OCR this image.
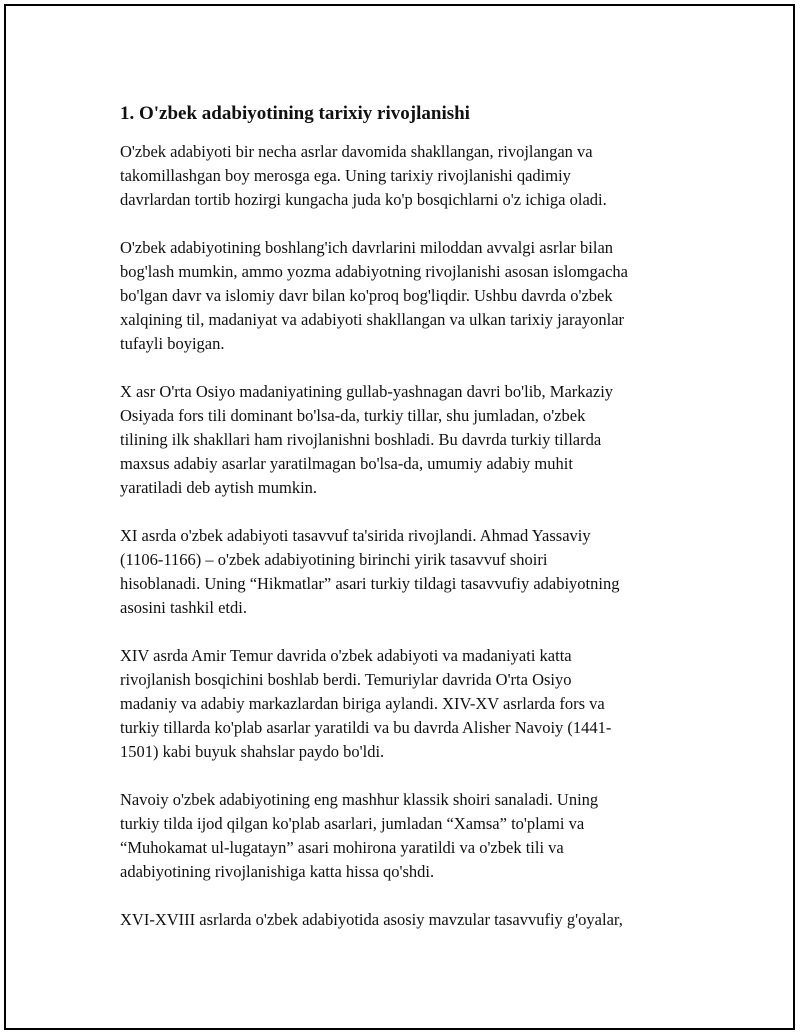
1. O'zbek adabiyotining tarixiy rivojlanishi

O'zbek adabiyoti bir necha asrlar davomida shakllangan, rivojlangan va
takomillashgan boy merosga ega. Uning tarixiy rivojlanishi qadimiy
davrlardan tortib hozirgi kungacha juda ko'p bosqichlarni o'z ichiga oladi.

O'zbek adabiyotining boshlang'ich davrlarini miloddan avvalgi asrlar bilan
bog'lash mumkin, ammo yozma adabiyotning rivojlanishi asosan islomgacha
bo'lgan davr va islomiy davr bilan ko'proq bog'liqdir. Ushbu davrda o'zbek
xalqining til, madaniyat va adabiyoti shakllangan va ulkan tarixiy jarayonlar
tufayli boyigan.

X asr O'rta Osiyo madaniyatining gullab-yashnagan davri bo'lib, Markaziy
Osiyada fors tili dominant bo'lsa-da, turkiy tillar, shu jumladan, o'zbek
tilining ilk shakllari ham rivojlanishni boshladi. Bu davrda turkiy tillarda
maxsus adabiy asarlar yaratilmagan bo'lsa-da, umumiy adabiy muhit
yaratiladi deb aytish mumkin.

XI asrda o'zbek adabiyoti tasavvuf ta'sirida rivojlandi. Ahmad Yassaviy
(1106-1166) – o'zbek adabiyotining birinchi yirik tasavvuf shoiri
hisoblanadi. Uning “Hikmatlar” asari turkiy tildagi tasavvufiy adabiyotning
asosini tashkil etdi.

XIV asrda Amir Temur davrida o'zbek adabiyoti va madaniyati katta
rivojlanish bosqichini boshlab berdi. Temuriylar davrida O'rta Osiyo
madaniy va adabiy markazlardan biriga aylandi. XIV-XV asrlarda fors va
turkiy tillarda ko'plab asarlar yaratildi va bu davrda Alisher Navoiy (1441-
1501) kabi buyuk shahslar paydo bo'ldi.

Navoiy o'zbek adabiyotining eng mashhur klassik shoiri sanaladi. Uning
turkiy tilda ijod qilgan ko'plab asarlari, jumladan “Xamsa” to'plami va
“Muhokamat ul-lugatayn” asari mohirona yaratildi va o'zbek tili va
adabiyotining rivojlanishiga katta hissa qo'shdi.

XVI-XVIII asrlarda o'zbek adabiyotida asosiy mavzular tasavvufiy g'oyalar,
